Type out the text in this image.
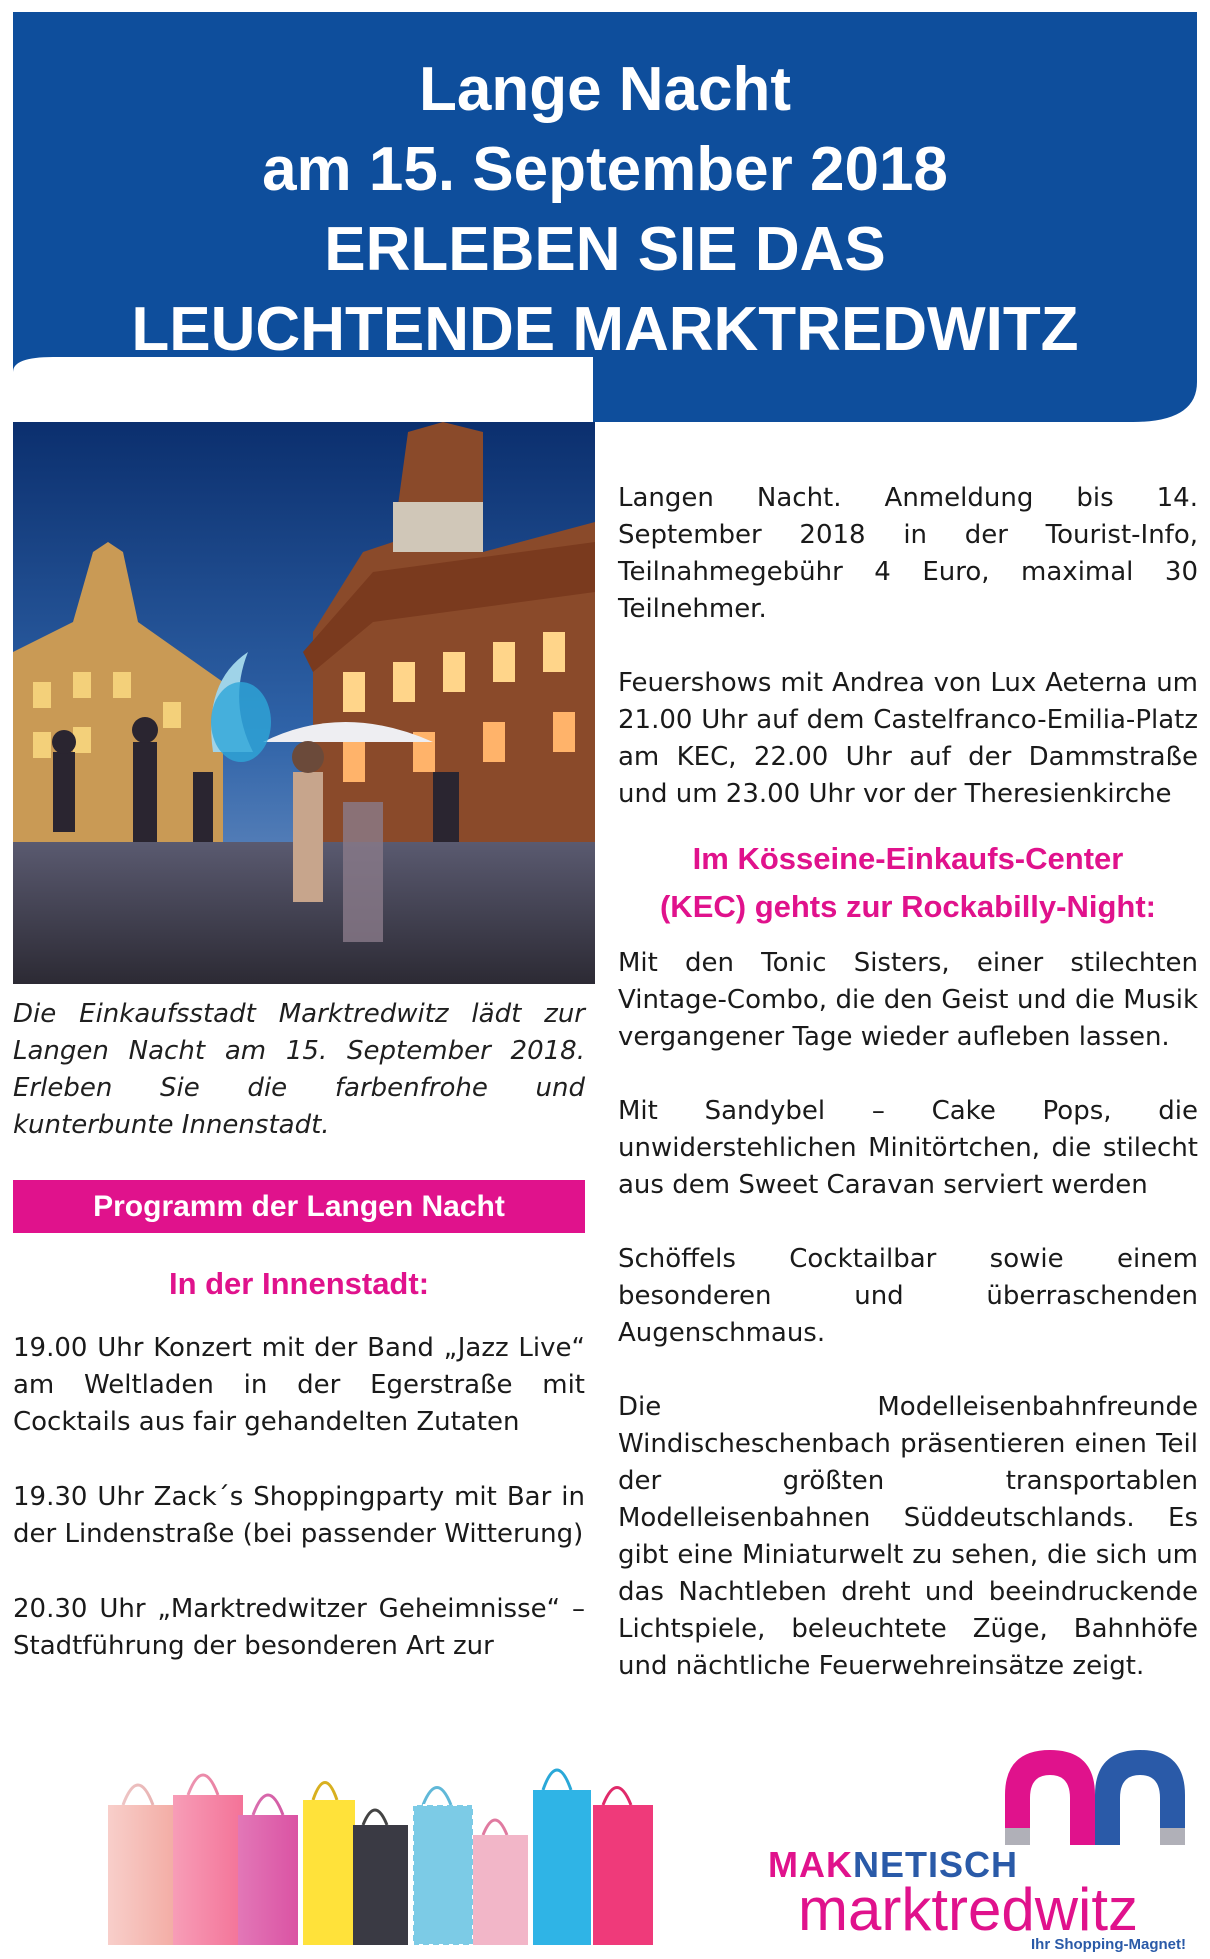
Lange Nacht
am 15. September 2018
ERLEBEN SIE DAS
LEUCHTENDE MARKTREDWITZ
Die Einkaufsstadt Marktredwitz lädt zur Langen Nacht am 15. September 2018. Erleben Sie die farbenfrohe und kunterbunte Innenstadt.
Programm der Langen Nacht
In der Innenstadt:

19.00 Uhr Konzert mit der Band „Jazz Live“ am Weltladen in der Egerstraße mit Cocktails aus fair gehandelten Zutaten

19.30 Uhr Zack´s Shoppingparty mit Bar in der Lindenstraße (bei passender Witterung)

20.30 Uhr „Marktredwitzer Geheimnisse“ – Stadtführung der besonderen Art zur

Langen Nacht. Anmeldung bis 14. September 2018 in der Tourist-Info, Teilnahmegebühr 4 Euro, maximal 30 Teilnehmer.

Feuershows mit Andrea von Lux Aeterna um 21.00 Uhr auf dem Castelfranco-Emilia-Platz am KEC, 22.00 Uhr auf der Dammstraße und um 23.00 Uhr vor der Theresienkirche

Im Kösseine-Einkaufs-Center
(KEC) gehts zur Rockabilly-Night:

Mit den Tonic Sisters, einer stilechten Vintage-Combo, die den Geist und die Musik vergangener Tage wieder aufleben lassen.

Mit Sandybel – Cake Pops, die unwiderstehlichen Minitörtchen, die stilecht aus dem Sweet Caravan serviert werden

Schöffels Cocktailbar sowie einem besonderen und überraschenden Augenschmaus.

Die Modelleisenbahnfreunde Windischeschenbach präsentieren einen Teil der größten transportablen Modelleisenbahnen Süddeutschlands. Es gibt eine Miniaturwelt zu sehen, die sich um das Nachtleben dreht und beeindruckende Lichtspiele, beleuchtete Züge, Bahnhöfe und nächtliche Feuerwehreinsätze zeigt.

MAKNETISCH
marktredwitz
Ihr Shopping-Magnet!
